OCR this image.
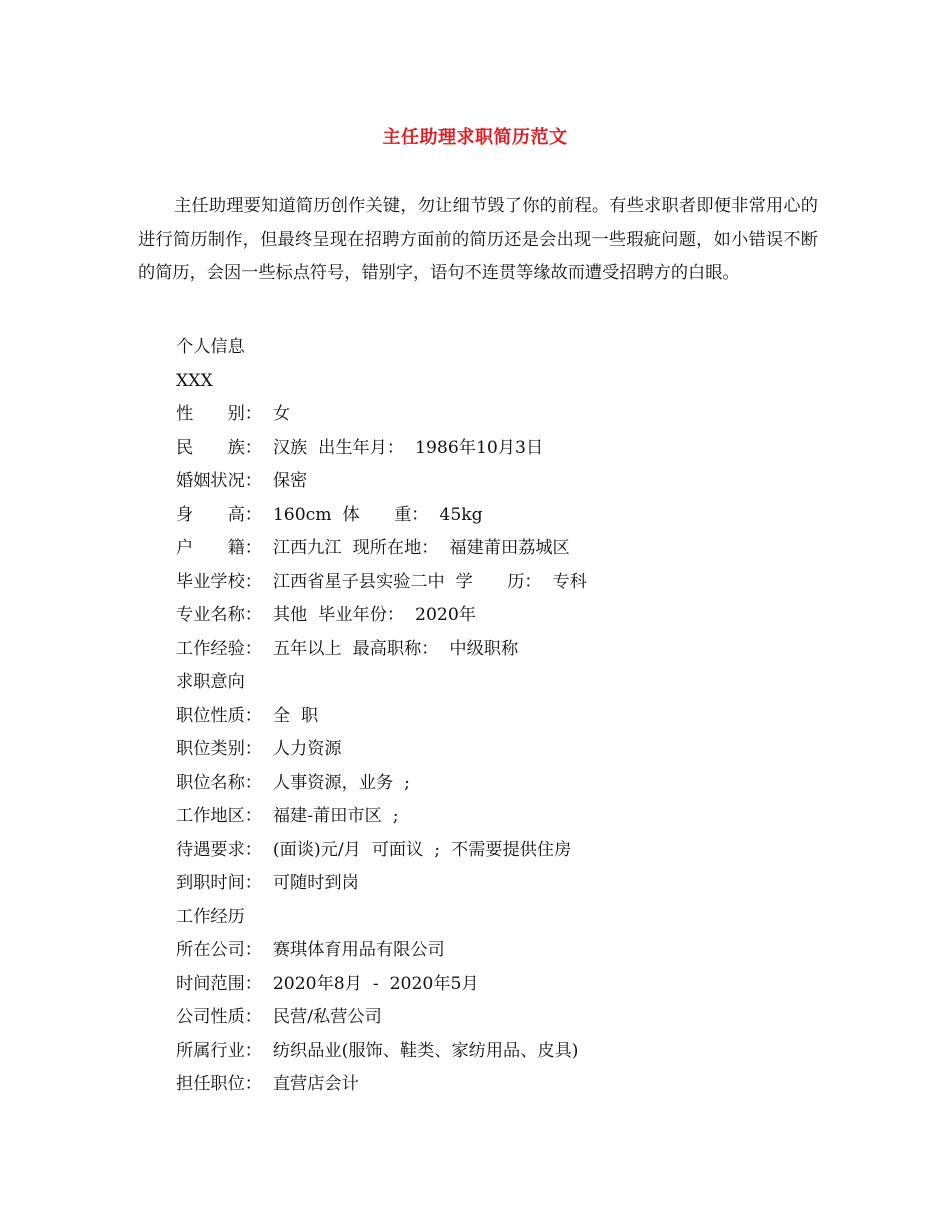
主任助理求职简历范文

主任助理要知道简历创作关键，勿让细节毁了你的前程。有些求职者即便非常用心的进行简历制作，但最终呈现在招聘方面前的简历还是会出现一些瑕疵问题，如小错误不断的简历，会因一些标点符号，错别字，语句不连贯等缘故而遭受招聘方的白眼。

个人信息
XXX
性　　别：  女
民　　族：  汉族  出生年月：  1986年10月3日
婚姻状况：  保密
身　　高：  160cm  体　　重：  45kg
户　　籍：  江西九江  现所在地：  福建莆田荔城区
毕业学校：  江西省星子县实验二中  学　　历：  专科
专业名称：  其他  毕业年份：  2020年
工作经验：  五年以上  最高职称：  中级职称
求职意向
职位性质：  全  职
职位类别：  人力资源
职位名称：  人事资源，业务  ;
工作地区：  福建-莆田市区  ;
待遇要求：  (面谈)元/月  可面议  ;  不需要提供住房
到职时间：  可随时到岗
工作经历
所在公司：  赛琪体育用品有限公司
时间范围：  2020年8月  -  2020年5月
公司性质：  民营/私营公司
所属行业：  纺织品业(服饰、鞋类、家纺用品、皮具)
担任职位：  直营店会计
